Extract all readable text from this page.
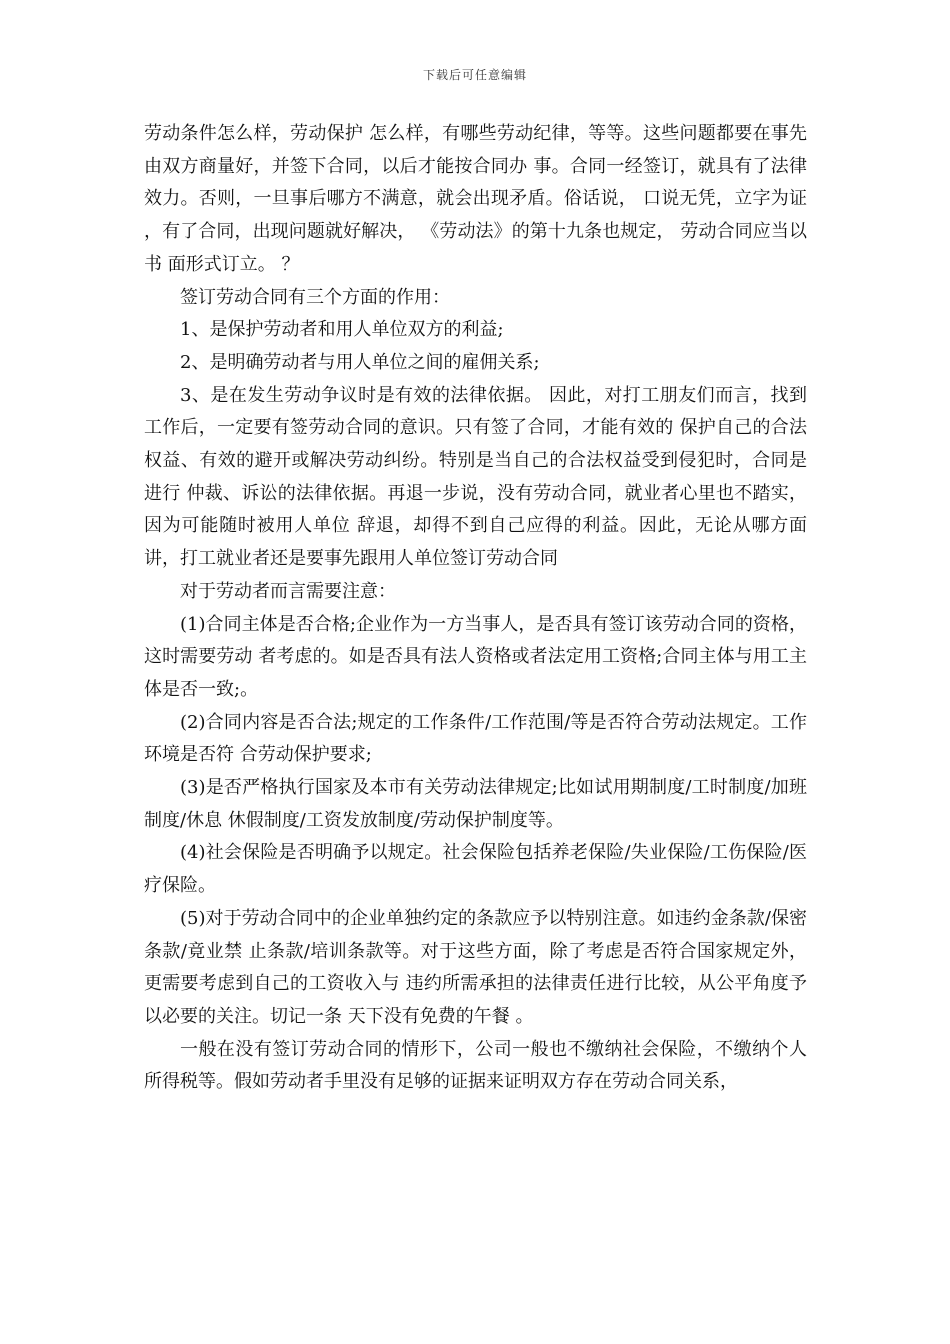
下载后可任意编辑

劳动条件怎么样，劳动保护 怎么样，有哪些劳动纪律，等等。这些问题都要在事先由双方商量好，并签下合同，以后才能按合同办 事。合同一经签订，就具有了法律效力。否则，一旦事后哪方不满意，就会出现矛盾。俗话说， 口说无凭，立字为证 ，有了合同，出现问题就好解决， 《劳动法》的第十九条也规定， 劳动合同应当以书 面形式订立。 ？

签订劳动合同有三个方面的作用：

1、是保护劳动者和用人单位双方的利益;

2、是明确劳动者与用人单位之间的雇佣关系;

3、是在发生劳动争议时是有效的法律依据。 因此，对打工朋友们而言，找到工作后，一定要有签劳动合同的意识。只有签了合同，才能有效的 保护自己的合法权益、有效的避开或解决劳动纠纷。特别是当自己的合法权益受到侵犯时，合同是进行 仲裁、诉讼的法律依据。再退一步说，没有劳动合同，就业者心里也不踏实，因为可能随时被用人单位 辞退，却得不到自己应得的利益。因此，无论从哪方面讲，打工就业者还是要事先跟用人单位签订劳动合同

对于劳动者而言需要注意：

(1)合同主体是否合格;企业作为一方当事人，是否具有签订该劳动合同的资格，这时需要劳动 者考虑的。如是否具有法人资格或者法定用工资格;合同主体与用工主体是否一致;。

(2)合同内容是否合法;规定的工作条件/工作范围/等是否符合劳动法规定。工作环境是否符 合劳动保护要求;

(3)是否严格执行国家及本市有关劳动法律规定;比如试用期制度/工时制度/加班制度/休息 休假制度/工资发放制度/劳动保护制度等。

(4)社会保险是否明确予以规定。社会保险包括养老保险/失业保险/工伤保险/医疗保险。

(5)对于劳动合同中的企业单独约定的条款应予以特别注意。如违约金条款/保密条款/竟业禁 止条款/培训条款等。对于这些方面，除了考虑是否符合国家规定外，更需要考虑到自己的工资收入与 违约所需承担的法律责任进行比较，从公平角度予以必要的关注。切记一条 天下没有免费的午餐 。

一般在没有签订劳动合同的情形下，公司一般也不缴纳社会保险，不缴纳个人所得税等。假如劳动者手里没有足够的证据来证明双方存在劳动合同关系，
